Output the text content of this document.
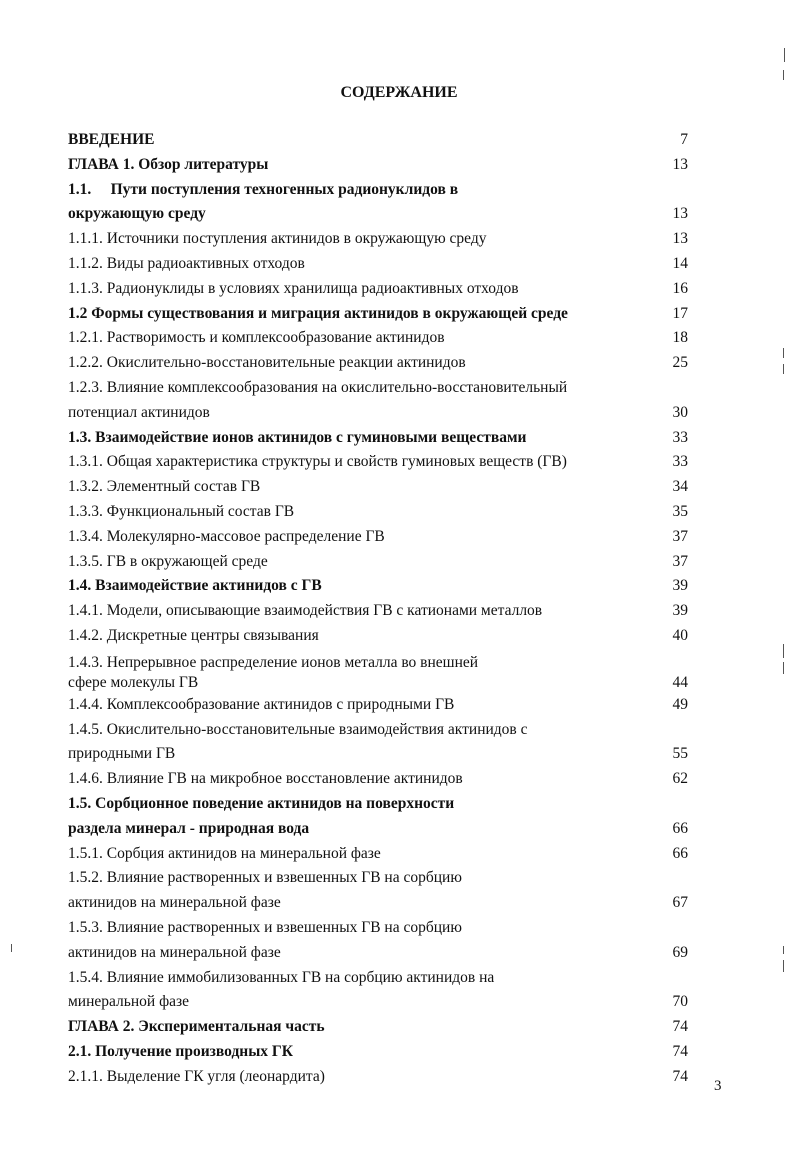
СОДЕРЖАНИЕ
ВВЕДЕНИЕ	7
ГЛАВА 1. Обзор литературы	13
1.1.     Пути поступления техногенных радионуклидов в
окружающую среду	13
1.1.1. Источники поступления актинидов в окружающую среду	13
1.1.2. Виды радиоактивных отходов	14
1.1.3. Радионуклиды в условиях хранилища радиоактивных отходов	16
1.2 Формы существования и миграция актинидов в окружающей среде	17
1.2.1. Растворимость и комплексообразование актинидов	18
1.2.2. Окислительно-восстановительные реакции актинидов	25
1.2.3. Влияние комплексообразования на окислительно-восстановительный
потенциал актинидов	30
1.3. Взаимодействие ионов актинидов с гуминовыми веществами	33
1.3.1. Общая характеристика структуры и свойств гуминовых веществ (ГВ)	33
1.3.2. Элементный состав ГВ	34
1.3.3. Функциональный состав ГВ	35
1.3.4. Молекулярно-массовое распределение ГВ	37
1.3.5. ГВ в окружающей среде	37
1.4. Взаимодействие актинидов с ГВ	39
1.4.1. Модели, описывающие взаимодействия ГВ с катионами металлов	39
1.4.2. Дискретные центры связывания	40
1.4.3. Непрерывное распределение ионов металла во внешней
сфере молекулы ГВ	44
1.4.4. Комплексообразование актинидов с природными ГВ	49
1.4.5. Окислительно-восстановительные взаимодействия актинидов с
природными ГВ	55
1.4.6. Влияние ГВ на микробное восстановление актинидов	62
1.5. Сорбционное поведение актинидов на поверхности
раздела минерал - природная вода	66
1.5.1. Сорбция актинидов на минеральной фазе	66
1.5.2. Влияние растворенных и взвешенных ГВ на сорбцию
актинидов на минеральной фазе	67
1.5.3. Влияние растворенных и взвешенных ГВ на сорбцию
актинидов на минеральной фазе	69
1.5.4. Влияние иммобилизованных ГВ на сорбцию актинидов на
минеральной фазе	70
ГЛАВА 2. Экспериментальная часть	74
2.1. Получение производных ГК	74
2.1.1. Выделение ГК угля (леонардита)	74
3
